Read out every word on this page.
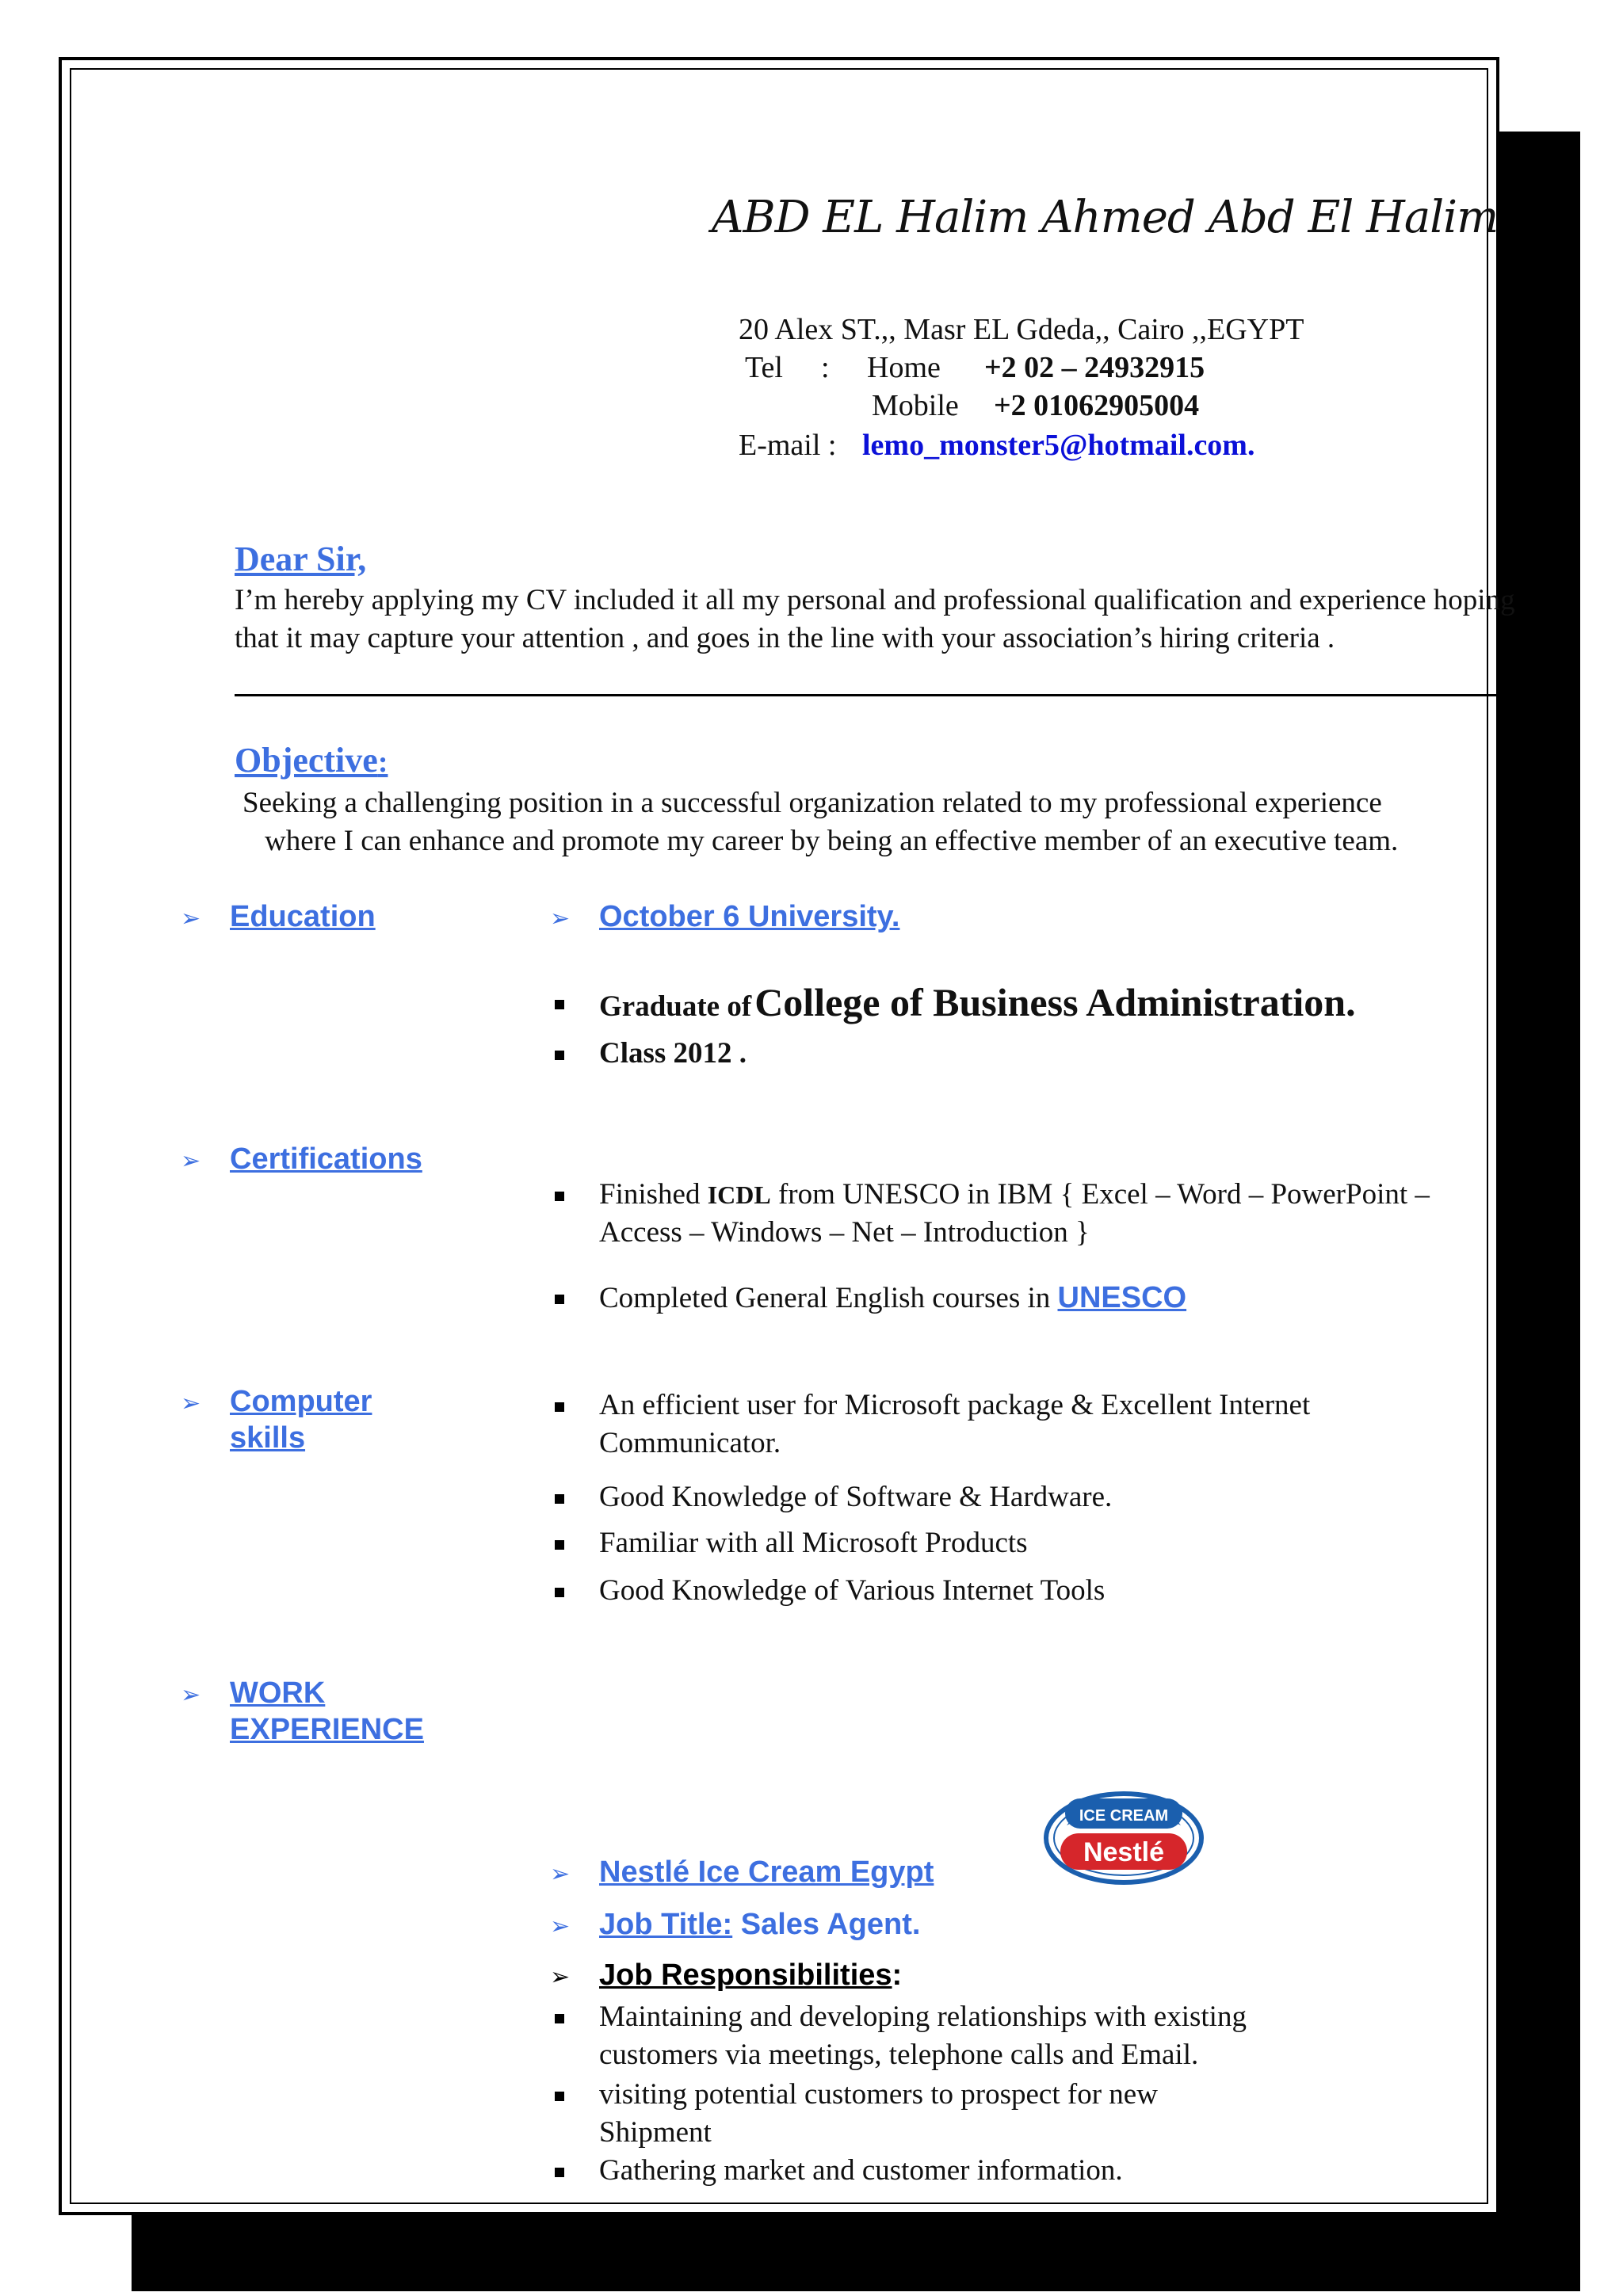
ABD EL Halim Ahmed Abd El Halim
20 Alex ST.,, Masr EL Gdeda,, Cairo ,,EGYPT
Tel : Home +2 02 – 24932915
Mobile +2 01062905004
E-mail : lemo_monster5@hotmail.com.
Dear Sir,
I’m hereby applying my CV included it all my personal and professional qualification and experience hoping that it may capture your attention , and goes in the line with your association’s hiring criteria .
Objective:
Seeking a challenging position in a successful organization related to my professional experience
where I can enhance and promote my career by being an effective member of an executive team.
➢ Education	➢ October 6 University.
Graduate of College of Business Administration.
Class 2012 .
➢ Certifications
Finished ICDL from UNESCO in IBM { Excel – Word – PowerPoint –
Access – Windows – Net – Introduction }
Completed General English courses in UNESCO
➢ Computer
skills
An efficient user for Microsoft package & Excellent Internet Communicator.
Good Knowledge of Software & Hardware.
Familiar with all Microsoft Products
Good Knowledge of Various Internet Tools
➢ WORK
EXPERIENCE
ICE CREAM
Nestlé
➢ Nestlé Ice Cream Egypt
➢ Job Title: Sales Agent.
➢ Job Responsibilities:
Maintaining and developing relationships with existing customers via meetings, telephone calls and Email.
visiting potential customers to prospect for new Shipment
Gathering market and customer information.
